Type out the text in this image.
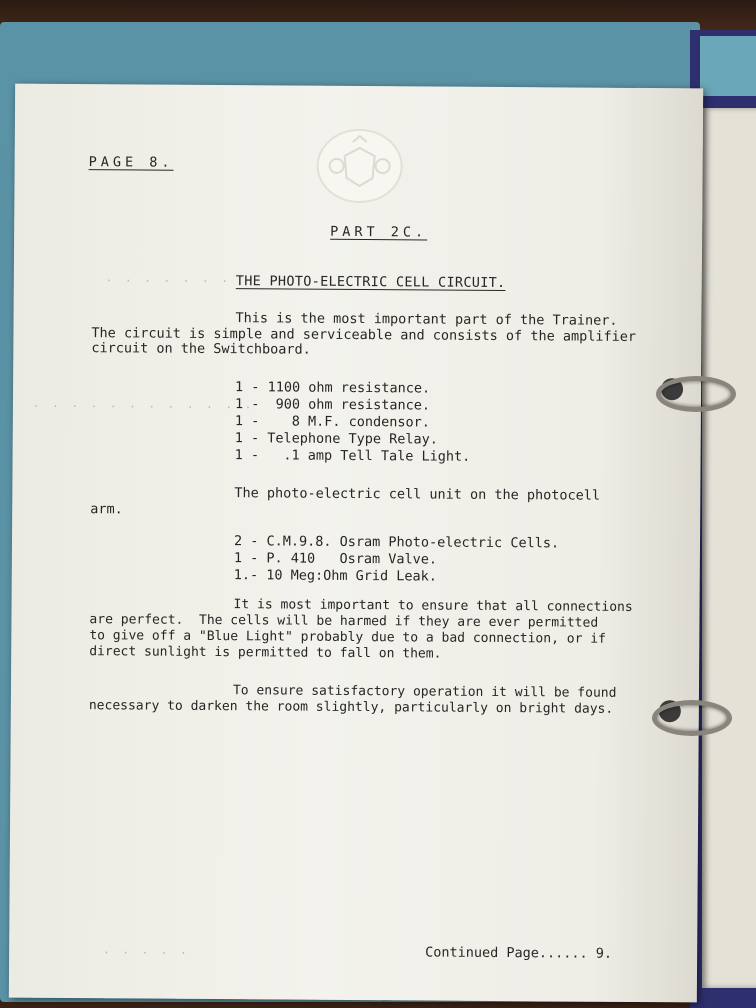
PAGE 8.
PART 2C.
· · · · · · · THE PHOTO-ELECTRIC CELL CIRCUIT.
This is the most important part of the Trainer.
The circuit is simple and serviceable and consists of the amplifier
circuit on the Switchboard.
· · · · · · · · · · · ·
1 - 1100 ohm resistance.
1 -  900 ohm resistance.
1 -    8 M.F. condensor.
1 - Telephone Type Relay.
1 -   .1 amp Tell Tale Light.
The photo-electric cell unit on the photocell
arm.
2 - C.M.9.8. Osram Photo-electric Cells.
1 - P. 410   Osram Valve.
1.- 10 Meg:Ohm Grid Leak.
It is most important to ensure that all connections
are perfect.  The cells will be harmed if they are ever permitted
to give off a "Blue Light" probably due to a bad connection, or if
direct sunlight is permitted to fall on them.
To ensure satisfactory operation it will be found
necessary to darken the room slightly, particularly on bright days.
· · · · ·	Continued Page...... 9.
